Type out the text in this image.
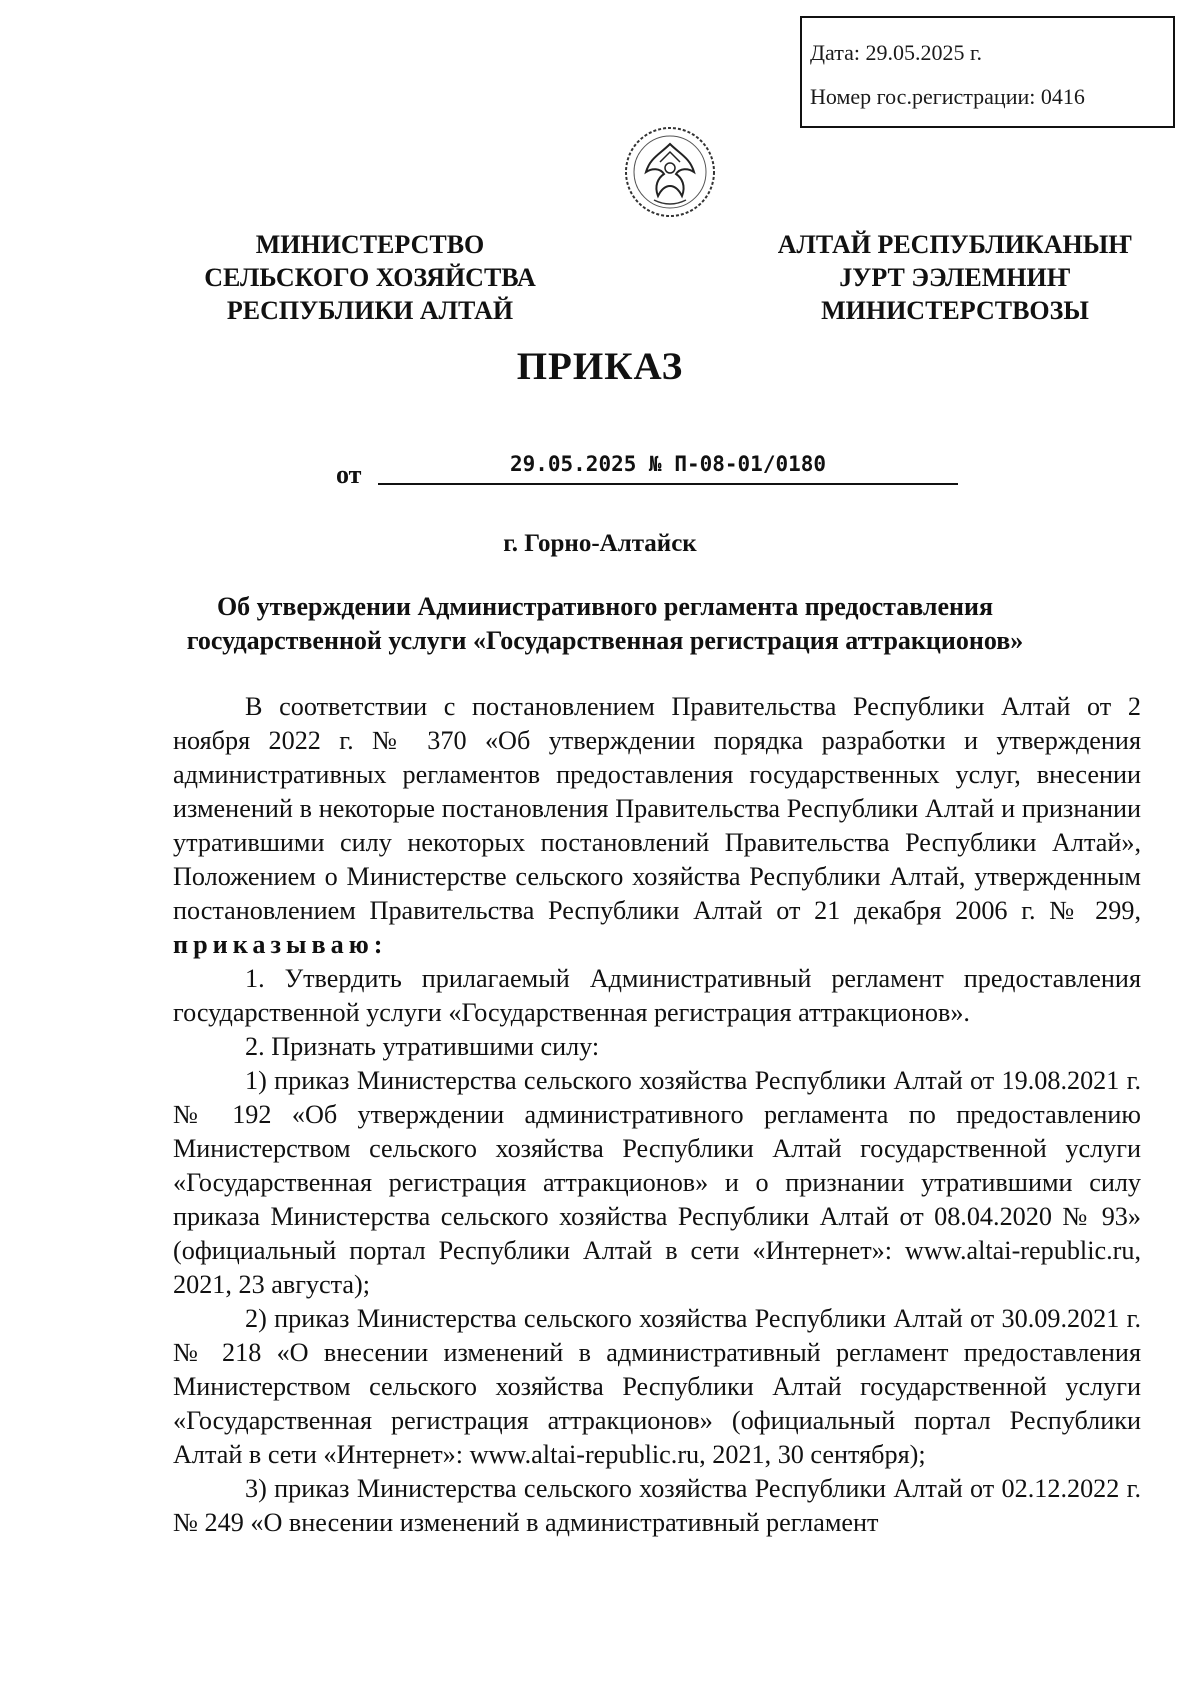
Дата: 29.05.2025 г.
Номер гос.регистрации: 0416
МИНИСТЕРСТВО
СЕЛЬСКОГО ХОЗЯЙСТВА
РЕСПУБЛИКИ АЛТАЙ
АЛТАЙ РЕСПУБЛИКАНЫҤ
ЈУРТ ЭЭЛЕМНИҤ
МИНИСТЕРСТВОЗЫ
ПРИКАЗ
от	29.05.2025 № П-08-01/0180
г. Горно-Алтайск
Об утверждении Административного регламента предоставления
государственной услуги «Государственная регистрация аттракционов»

В соответствии с постановлением Правительства Республики Алтай от 2 ноября 2022 г. № 370 «Об утверждении порядка разработки и утверждения административных регламентов предоставления государственных услуг, внесении изменений в некоторые постановления Правительства Республики Алтай и признании утратившими силу некоторых постановлений Правительства Республики Алтай», Положением о Министерстве сельского хозяйства Республики Алтай, утвержденным постановлением Правительства Республики Алтай от 21 декабря 2006 г. № 299, приказываю:

1. Утвердить прилагаемый Административный регламент предоставления государственной услуги «Государственная регистрация аттракционов».

2. Признать утратившими силу:

1) приказ Министерства сельского хозяйства Республики Алтай от 19.08.2021 г. № 192 «Об утверждении административного регламента по предоставлению Министерством сельского хозяйства Республики Алтай государственной услуги «Государственная регистрация аттракционов» и о признании утратившими силу приказа Министерства сельского хозяйства Республики Алтай от 08.04.2020 № 93» (официальный портал Республики Алтай в сети «Интернет»: www.altai-republic.ru, 2021, 23 августа);

2) приказ Министерства сельского хозяйства Республики Алтай от 30.09.2021 г. № 218 «О внесении изменений в административный регламент предоставления Министерством сельского хозяйства Республики Алтай государственной услуги «Государственная регистрация аттракционов» (официальный портал Республики Алтай в сети «Интернет»: www.altai-republic.ru, 2021, 30 сентября);

3) приказ Министерства сельского хозяйства Республики Алтай от 02.12.2022 г. № 249 «О внесении изменений в административный регламент
